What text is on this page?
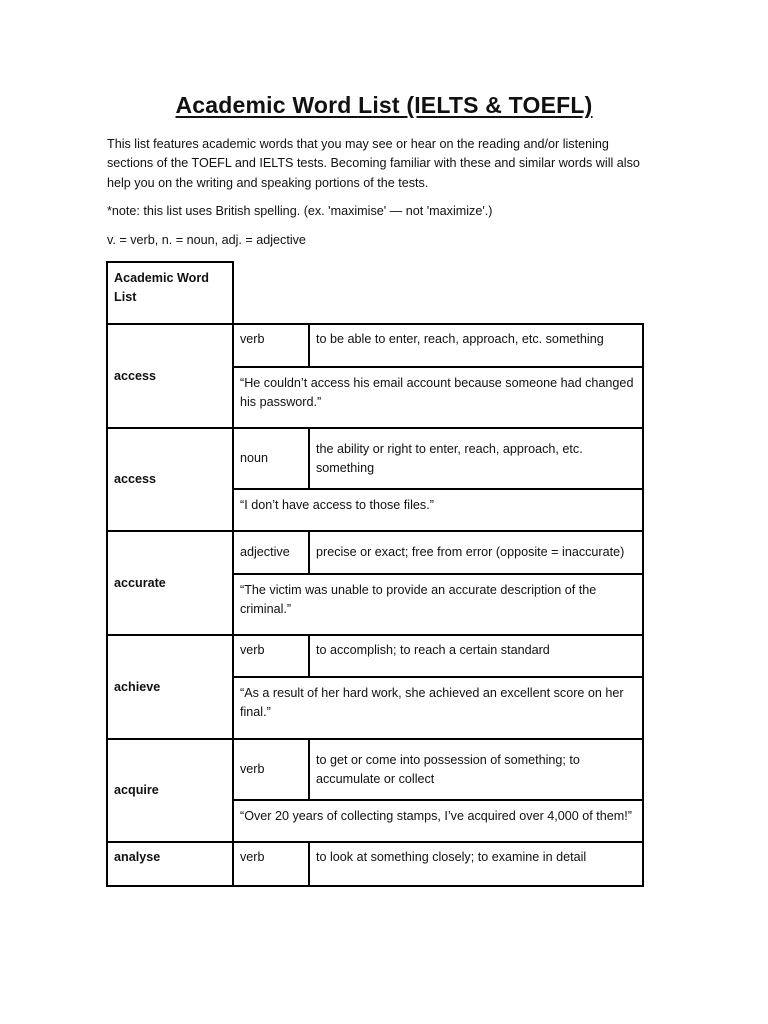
Academic Word List (IELTS & TOEFL)
This list features academic words that you may see or hear on the reading and/or listening sections of the TOEFL and IELTS tests. Becoming familiar with these and similar words will also help you on the writing and speaking portions of the tests.
*note: this list uses British spelling. (ex. 'maximise' — not 'maximize'.)
v. = verb, n. = noun, adj. = adjective
Academic Word List		
access	verb	to be able to enter, reach, approach, etc. something
	“He couldn’t access his email account because someone had changed his password.”	
access	noun	the ability or right to enter, reach, approach, etc. something
	“I don’t have access to those files.”	
accurate	adjective	precise or exact; free from error (opposite = inaccurate)
	“The victim was unable to provide an accurate description of the criminal.”	
achieve	verb	to accomplish; to reach a certain standard
	“As a result of her hard work, she achieved an excellent score on her final.”	
acquire	verb	to get or come into possession of something; to accumulate or collect
	“Over 20 years of collecting stamps, I’ve acquired over 4,000 of them!”	
analyse	verb	to look at something closely; to examine in detail
